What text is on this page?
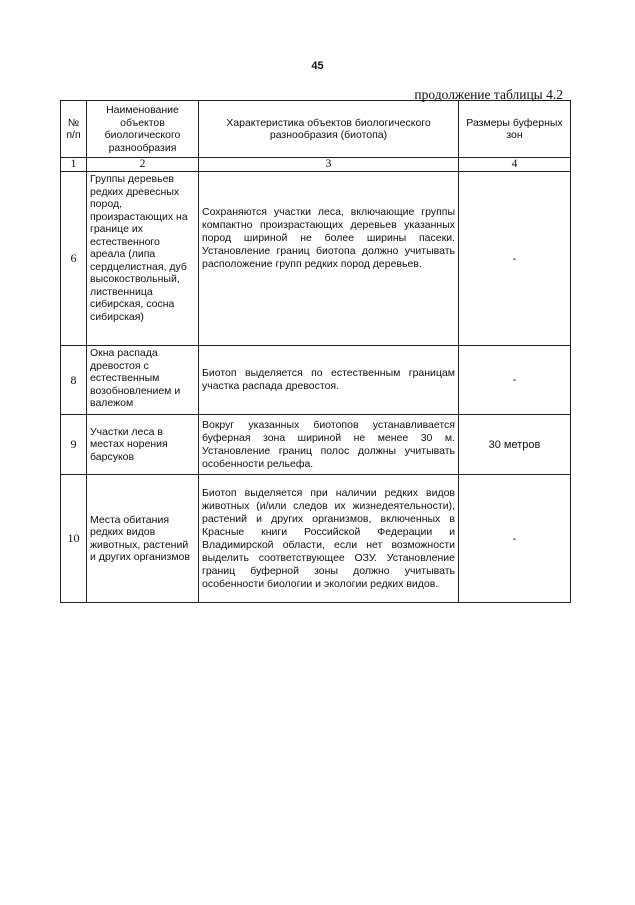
45
продолжение таблицы 4.2
№ п/п	Наименование объектов биологического разнообразия	Характеристика объектов биологического разнообразия (биотопа)	Размеры буферных зон
1	2	3	4
6	Группы деревьев редких древесных пород, произрастающих на границе их естественного ареала (липа сердцелистная, дуб высокоствольный, лиственница сибирская, сосна сибирская)	Сохраняются участки леса, включающие группы компактно произрастающих деревьев указанных пород шириной не более ширины пасеки. Установление границ биотопа должно учитывать расположение групп редких пород деревьев.	-
8	Окна распада древостоя с естественным возобновлением и валежом	Биотоп выделяется по естественным границам участка распада древостоя.	-
9	Участки леса в местах норения барсуков	Вокруг указанных биотопов устанавливается буферная зона шириной не менее 30 м. Установление границ полос должны учитывать особенности рельефа.	30 метров
10	Места обитания редких видов животных, растений и других организмов	Биотоп выделяется при наличии редких видов животных (и/или следов их жизнедеятельности), растений и других организмов, включенных в Красные книги Российской Федерации и Владимирской области, если нет возможности выделить соответствующее ОЗУ. Установление границ буферной зоны должно учитывать особенности биологии и экологии редких видов.	-
